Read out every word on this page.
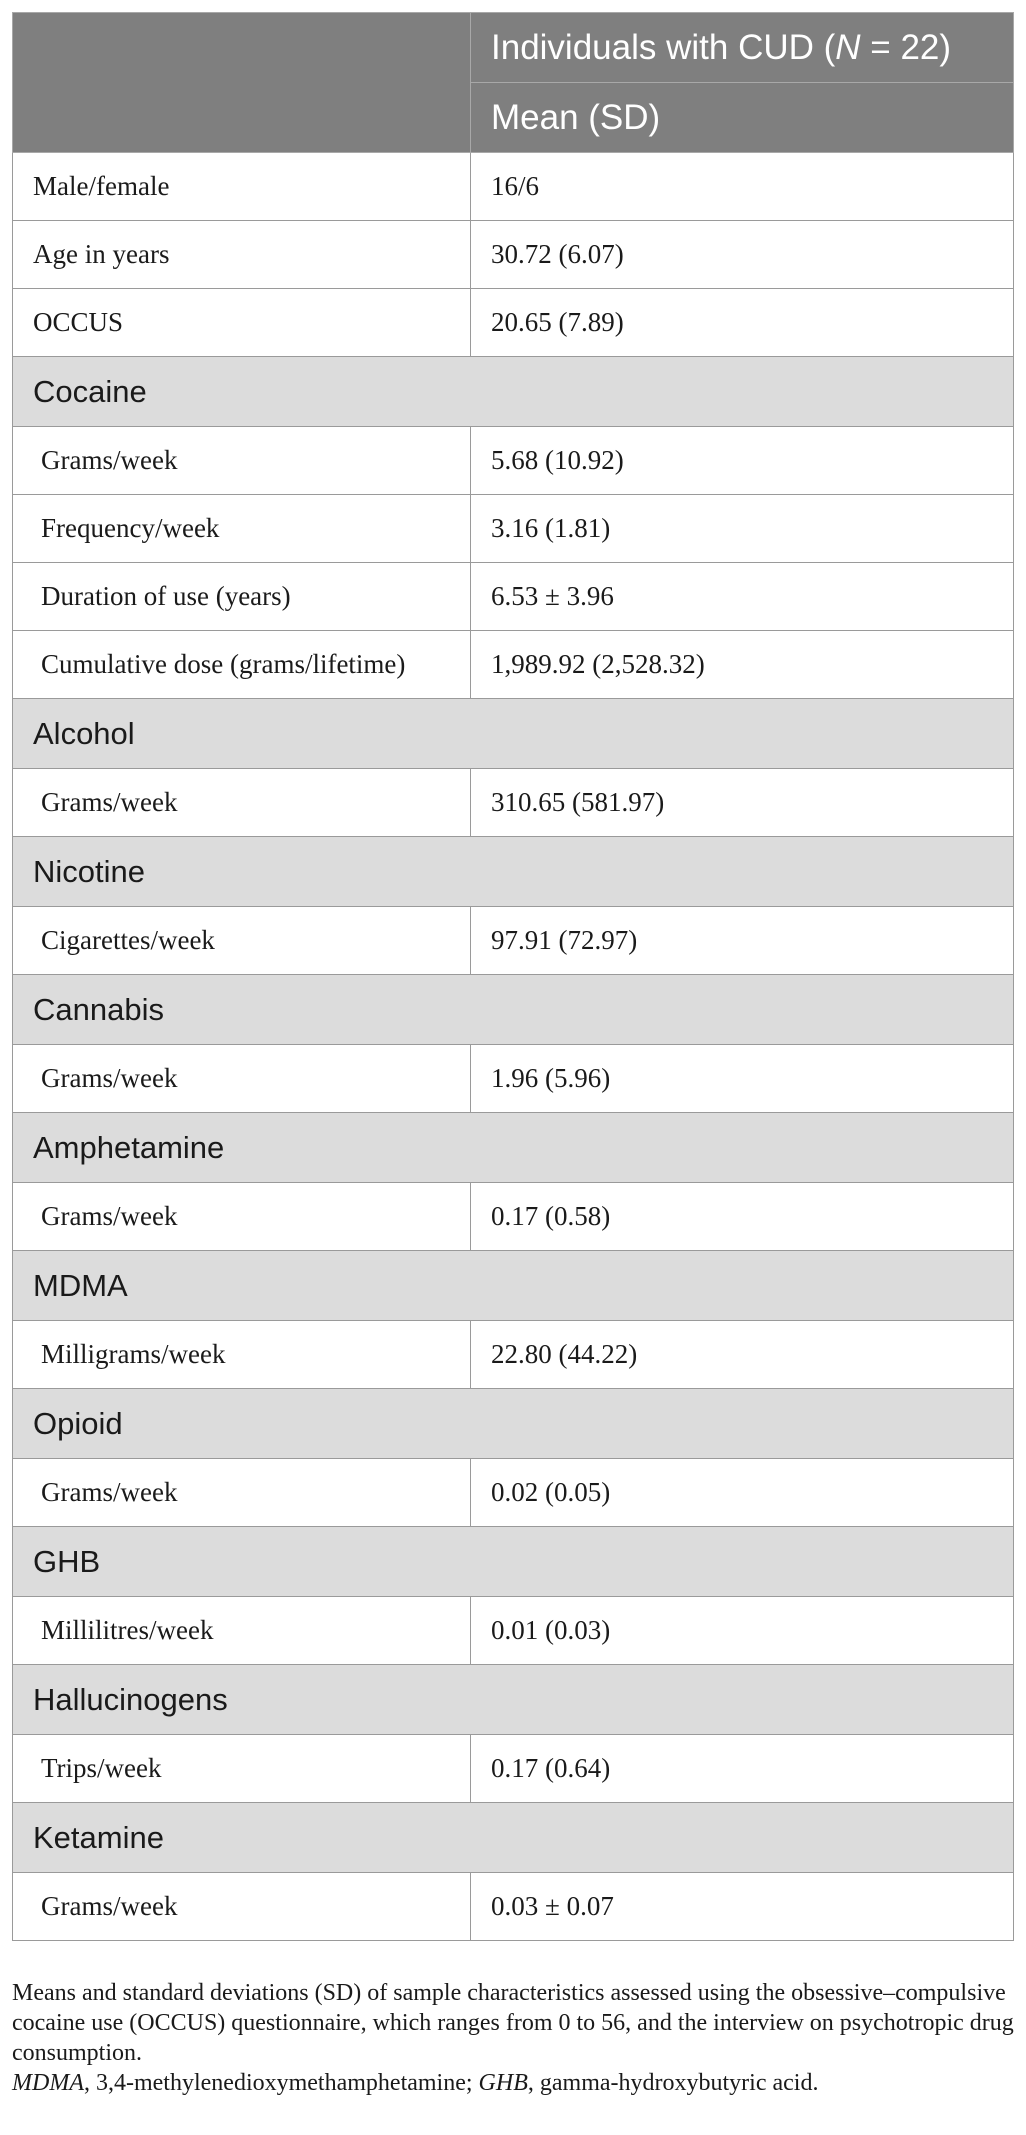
	Individuals with CUD (N = 22)
	Mean (SD)
Male/female	16/6
Age in years	30.72 (6.07)
OCCUS	20.65 (7.89)
Cocaine	
Grams/week	5.68 (10.92)
Frequency/week	3.16 (1.81)
Duration of use (years)	6.53 ± 3.96
Cumulative dose (grams/lifetime)	1,989.92 (2,528.32)
Alcohol	
Grams/week	310.65 (581.97)
Nicotine	
Cigarettes/week	97.91 (72.97)
Cannabis	
Grams/week	1.96 (5.96)
Amphetamine	
Grams/week	0.17 (0.58)
MDMA	
Milligrams/week	22.80 (44.22)
Opioid	
Grams/week	0.02 (0.05)
GHB	
Millilitres/week	0.01 (0.03)
Hallucinogens	
Trips/week	0.17 (0.64)
Ketamine	
Grams/week	0.03 ± 0.07

Means and standard deviations (SD) of sample characteristics assessed using the obsessive–compulsive cocaine use (OCCUS) questionnaire, which ranges from 0 to 56, and the interview on psychotropic drug consumption.

MDMA, 3,4-methylenedioxymethamphetamine; GHB, gamma-hydroxybutyric acid.
